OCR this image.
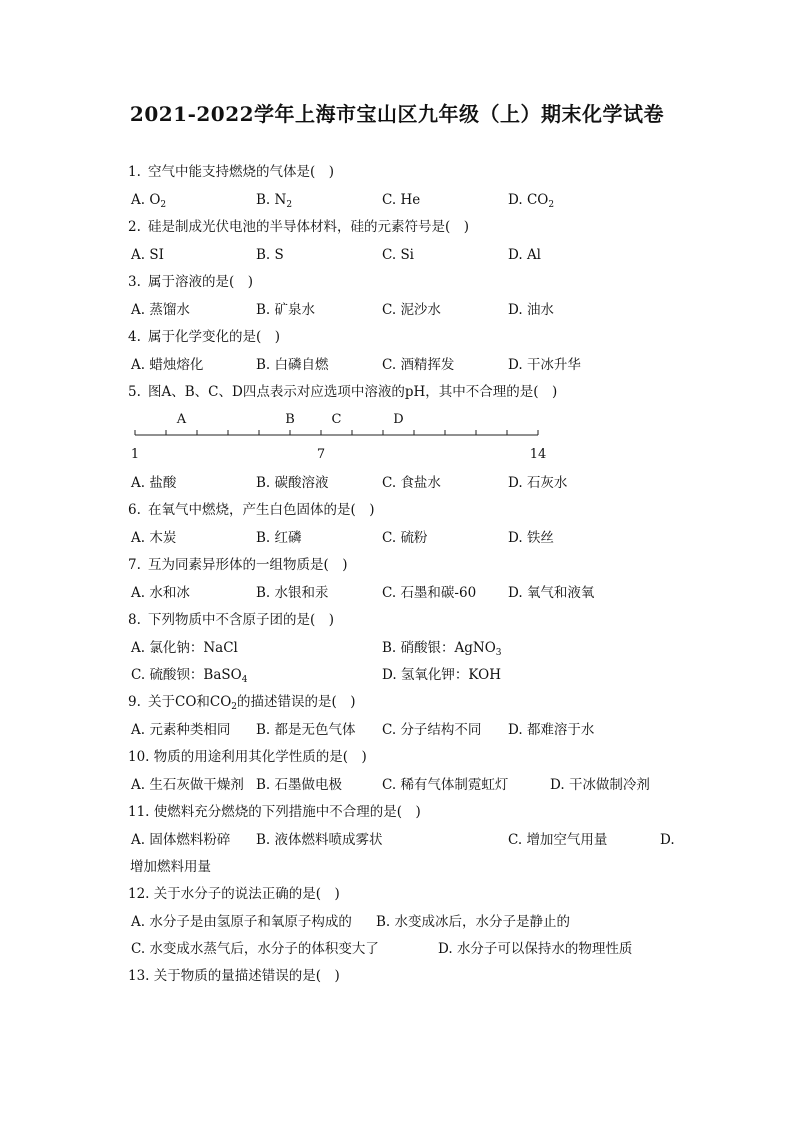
2021-2022学年上海市宝山区九年级（上）期末化学试卷
1. 空气中能支持燃烧的气体是(　)
A. $O_2$	B. $N_2$	C. He	D. $CO_2$
2. 硅是制成光伏电池的半导体材料，硅的元素符号是(　)
A. SI	B. S	C. Si	D. Al
3. 属于溶液的是(　)
A. 蒸馏水	B. 矿泉水	C. 泥沙水	D. 油水
4. 属于化学变化的是(　)
A. 蜡烛熔化	B. 白磷自燃	C. 酒精挥发	D. 干冰升华
5. 图A、B、C、D四点表示对应选项中溶液的pH，其中不合理的是(　)
1	7	14
A	B	C	D
A. 盐酸	B. 碳酸溶液	C. 食盐水	D. 石灰水
6. 在氧气中燃烧，产生白色固体的是(　)
A. 木炭	B. 红磷	C. 硫粉	D. 铁丝
7. 互为同素异形体的一组物质是(　)
A. 水和冰	B. 水银和汞	C. 石墨和碳-60 D. 氧气和液氧
8. 下列物质中不含原子团的是(　)
A. 氯化钠：NaCl	B. 硝酸银：AgNO$_3$
C. 硫酸钡：BaSO$_4$	D. 氢氧化钾：KOH
9. 关于CO和$CO_2$的描述错误的是(　)
A. 元素种类相同 B. 都是无色气体 C. 分子结构不同 D. 都难溶于水
10. 物质的用途利用其化学性质的是(　)
A. 生石灰做干燥剂 B. 石墨做电极	C. 稀有气体制霓虹灯	D. 干冰做制冷剂
11. 使燃料充分燃烧的下列措施中不合理的是(　)
A. 固体燃料粉碎 B. 液体燃料喷成雾状	C. 增加空气用量	D.
增加燃料用量
12. 关于水分子的说法正确的是(　)
A. 水分子是由氢原子和氧原子构成的 B. 水变成冰后，水分子是静止的
C. 水变成水蒸气后，水分子的体积变大了	D. 水分子可以保持水的物理性质
13. 关于物质的量描述错误的是(　)
